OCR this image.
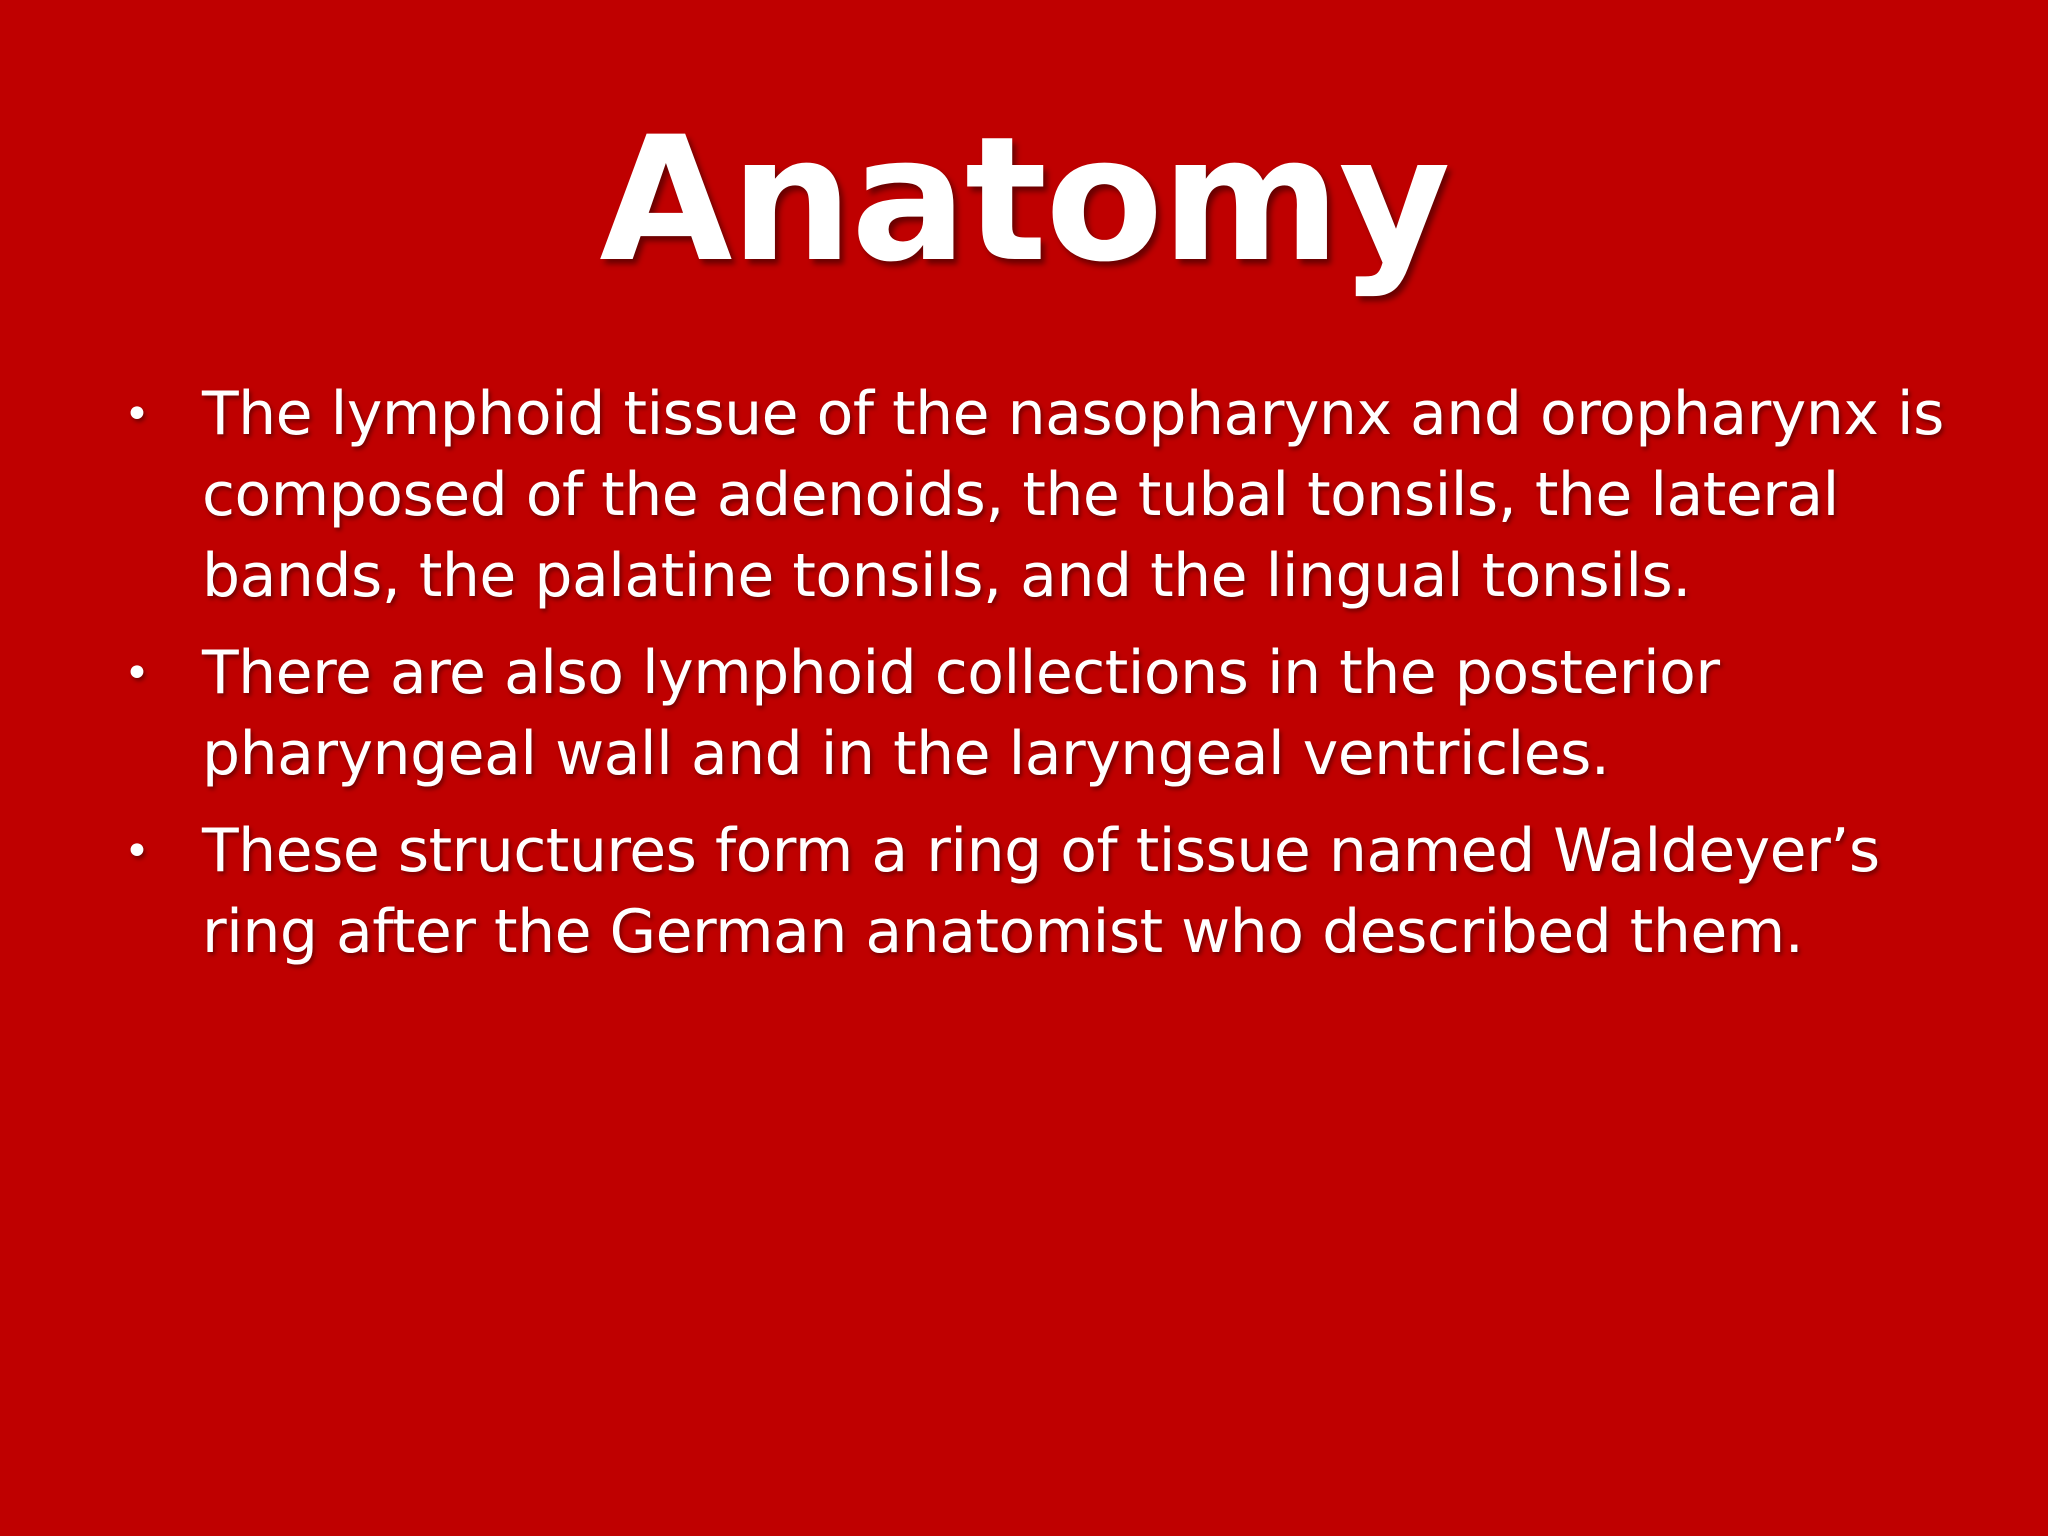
Anatomy
• The lymphoid tissue of the nasopharynx and oropharynx is composed of the adenoids, the tubal tonsils, the lateral bands, the palatine tonsils, and the lingual tonsils.
• There are also lymphoid collections in the posterior pharyngeal wall and in the laryngeal ventricles.
• These structures form a ring of tissue named Waldeyer’s ring after the German anatomist who described them.
